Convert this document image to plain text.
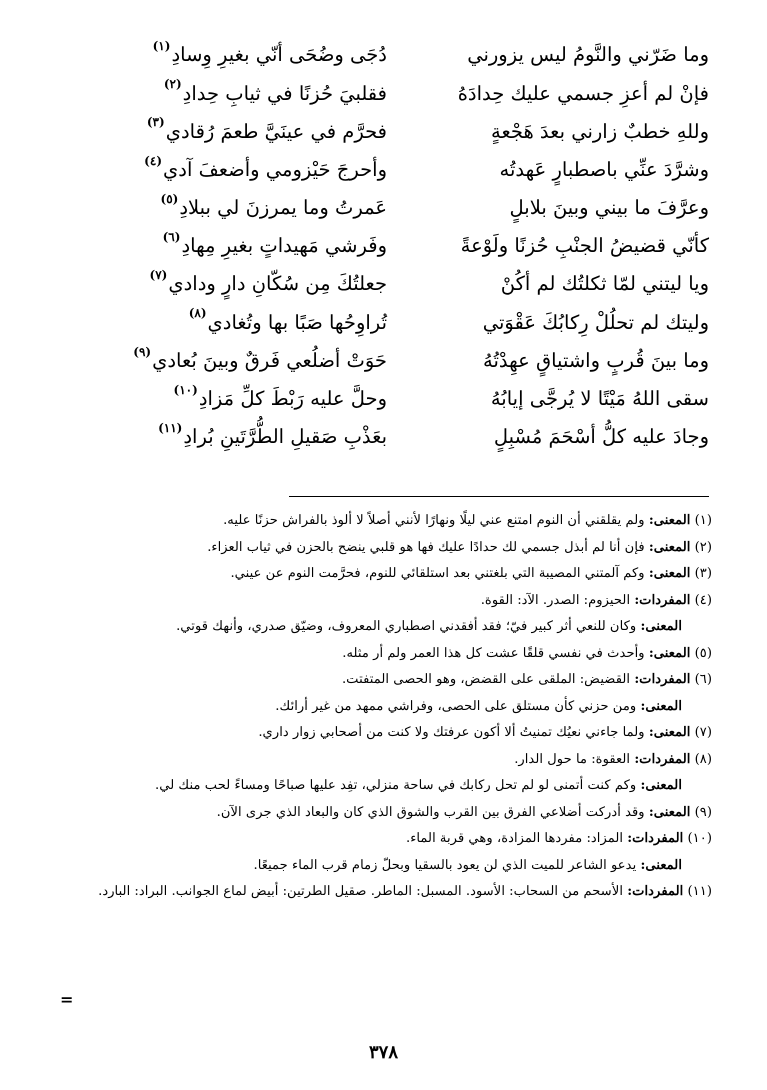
وما ضَرّني والنَّومُ ليس يزورني
دُجَى وضُحَى أنّي بغيرِ وِسادِ
(١)
فإنْ لم أعزِ جسمي عليك حِدادَهُ
فقلبيَ حُزنًا في ثيابِ حِدادِ
(٢)
وللهِ خطبٌ زارني بعدَ هَجْعةٍ
فحرَّم في عينَيَّ طعمَ رُقادي
(٣)
وشرَّدَ عنِّي باصطبارٍ عَهدتُه
وأحرجَ حَيْزومي وأضعفَ آدي
(٤)
وعرَّفَ ما بيني وبينَ بلابلٍ
عَمرتُ وما يمرزنَ لي ببلادِ
(٥)
كأنّي قضيضُ الجنْبِ حُزنًا ولَوْعةً
وفَرشي مَهيداتٍ بغيرِ مِهادِ
(٦)
ويا ليتني لمّا ثكلتُك لم أكُنْ
جعلتُكَ مِن سُكّانِ دارٍ ودادي
(٧)
وليتك لم تحلُلْ رِكابُكَ عَقْوَتي
تُراوِحُها صَبًا بها وتُغادي
(٨)
وما بينَ قُربٍ واشتياقٍ عهِدْتُهُ
حَوَتْ أضلُعي فَرقٌ وبينَ بُعادي
(٩)
سقى اللهُ مَيْتًا لا يُرجَّى إيابُهُ
وحلَّ عليه رَبْطَ كلِّ مَزادِ
(١٠)
وجادَ عليه كلُّ أسْحَمَ مُسْبِلٍ
بعَذْبِ صَقيلِ الطُّرَّتَينِ بُرادِ
(١١)
(١) المعنى: ولم يقلقني أن النوم امتنع عني ليلًا ونهارًا لأنني أصلاً لا ألوذ بالفراش حزنًا عليه.
(٢) المعنى: فإن أنا لم أبذل جسمي لك حدادًا عليك فها هو قلبي ينضح بالحزن في ثياب العزاء.
(٣) المعنى: وكم آلمتني المصيبة التي بلغتني بعد استلقائي للنوم، فحرَّمت النوم عن عيني.
(٤) المفردات: الحيزوم: الصدر. الآد: القوة.
المعنى: وكان للنعي أثر كبير فيّ؛ فقد أفقدني اصطباري المعروف، وضيّق صدري، وأنهك قوتي.
(٥) المعنى: وأحدث في نفسي قلقًا عشت كل هذا العمر ولم أر مثله.
(٦) المفردات: القضيض: الملقى على القضض، وهو الحصى المتفتت.
المعنى: ومن حزني كأن مستلق على الحصى، وفراشي ممهد من غير أرائك.
(٧) المعنى: ولما جاءني نعيُك تمنيتُ ألا أكون عرفتك ولا كنت من أصحابي زوار داري.
(٨) المفردات: العقوة: ما حول الدار.
المعنى: وكم كنت أتمنى لو لم تحل ركابك في ساحة منزلي، تفِد عليها صباحًا ومساءً لحب منك لي.
(٩) المعنى: وقد أدركت أضلاعي الفرق بين القرب والشوق الذي كان والبعاد الذي جرى الآن.
(١٠) المفردات: المزاد: مفردها المزادة، وهي قربة الماء.
المعنى: يدعو الشاعر للميت الذي لن يعود بالسقيا وبحلّ زمام قرب الماء جميعًا.
(١١) المفردات: الأسحم من السحاب: الأسود. المسبل: الماطر. صقيل الطرتين: أبيض لماع الجوانب. البراد: البارد.
=
٣٧٨
